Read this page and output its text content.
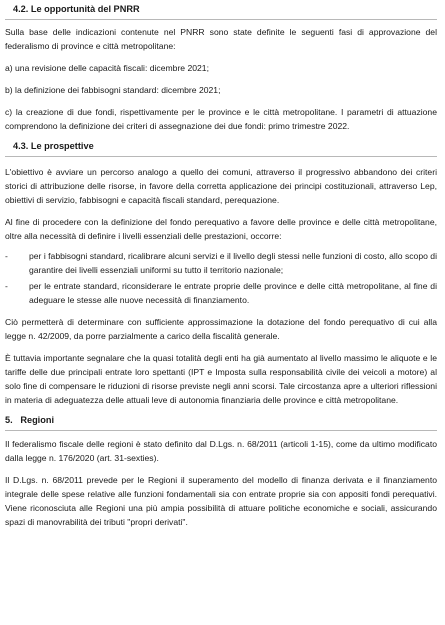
4.2. Le opportunità del PNRR

Sulla base delle indicazioni contenute nel PNRR sono state definite le seguenti fasi di approvazione del federalismo di province e città metropolitane:

a) una revisione delle capacità fiscali: dicembre 2021;

b) la definizione dei fabbisogni standard: dicembre 2021;

c) la creazione di due fondi, rispettivamente per le province e le città metropolitane. I parametri di attuazione comprendono la definizione dei criteri di assegnazione dei due fondi: primo trimestre 2022.

4.3. Le prospettive

L'obiettivo è avviare un percorso analogo a quello dei comuni, attraverso il progressivo abbandono dei criteri storici di attribuzione delle risorse, in favore della corretta applicazione dei principi costituzionali, attraverso Lep, obiettivi di servizio, fabbisogni e capacità fiscali standard, perequazione.

Al fine di procedere con la definizione del fondo perequativo a favore delle province e delle città metropolitane, oltre alla necessità di definire i livelli essenziali delle prestazioni, occorre:

- per i fabbisogni standard, ricalibrare alcuni servizi e il livello degli stessi nelle funzioni di costo, allo scopo di garantire dei livelli essenziali uniformi su tutto il territorio nazionale;
- per le entrate standard, riconsiderare le entrate proprie delle province e delle città metropolitane, al fine di adeguare le stesse alle nuove necessità di finanziamento.

Ciò permetterà di determinare con sufficiente approssimazione la dotazione del fondo perequativo di cui alla legge n. 42/2009, da porre parzialmente a carico della fiscalità generale.

È tuttavia importante segnalare che la quasi totalità degli enti ha già aumentato al livello massimo le aliquote e le tariffe delle due principali entrate loro spettanti (IPT e Imposta sulla responsabilità civile dei veicoli a motore) al solo fine di compensare le riduzioni di risorse previste negli anni scorsi. Tale circostanza apre a ulteriori riflessioni in materia di adeguatezza delle attuali leve di autonomia finanziaria delle province e città metropolitane.

5.   Regioni

Il federalismo fiscale delle regioni è stato definito dal D.Lgs. n. 68/2011 (articoli 1-15), come da ultimo modificato dalla legge n. 176/2020 (art. 31-sexties).

Il D.Lgs. n. 68/2011 prevede per le Regioni il superamento del modello di finanza derivata e il finanziamento integrale delle spese relative alle funzioni fondamentali sia con entrate proprie sia con appositi fondi perequativi. Viene riconosciuta alle Regioni una più ampia possibilità di attuare politiche economiche e sociali, assicurando spazi di manovrabilità dei tributi "propri derivati".
